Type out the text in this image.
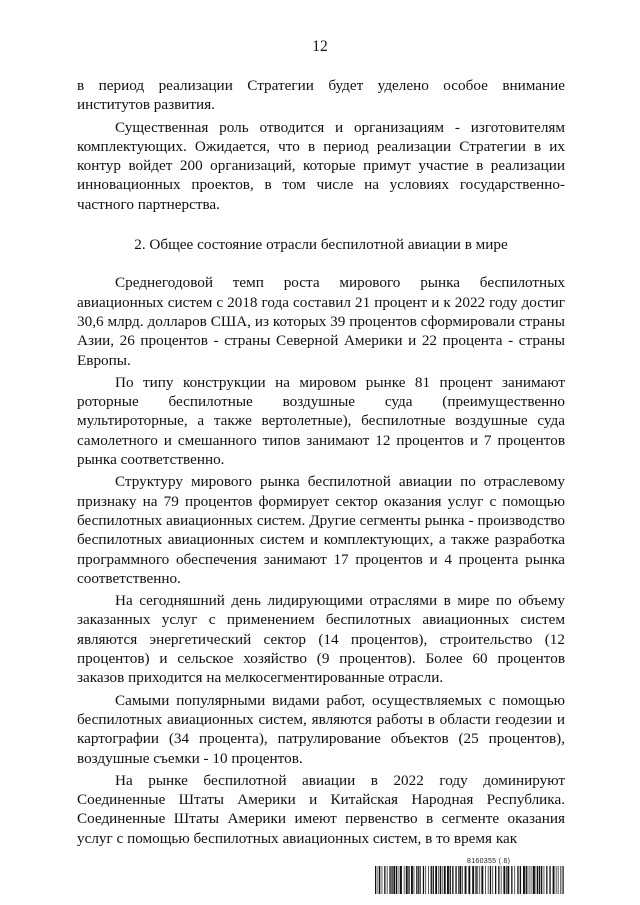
12

в период реализации Стратегии будет уделено особое внимание институтов развития.

Существенная роль отводится и организациям - изготовителям комплектующих. Ожидается, что в период реализации Стратегии в их контур войдет 200 организаций, которые примут участие в реализации инновационных проектов, в том числе на условиях государственно-частного партнерства.

2. Общее состояние отрасли беспилотной авиации в мире

Среднегодовой темп роста мирового рынка беспилотных авиационных систем с 2018 года составил 21 процент и к 2022 году достиг 30,6 млрд. долларов США, из которых 39 процентов сформировали страны Азии, 26 процентов - страны Северной Америки и 22 процента - страны Европы.

По типу конструкции на мировом рынке 81 процент занимают роторные беспилотные воздушные суда (преимущественно мультироторные, а также вертолетные), беспилотные воздушные суда самолетного и смешанного типов занимают 12 процентов и 7 процентов рынка соответственно.

Структуру мирового рынка беспилотной авиации по отраслевому признаку на 79 процентов формирует сектор оказания услуг с помощью беспилотных авиационных систем. Другие сегменты рынка - производство беспилотных авиационных систем и комплектующих, а также разработка программного обеспечения занимают 17 процентов и 4 процента рынка соответственно.

На сегодняшний день лидирующими отраслями в мире по объему заказанных услуг с применением беспилотных авиационных систем являются энергетический сектор (14 процентов), строительство (12 процентов) и сельское хозяйство (9 процентов). Более 60 процентов заказов приходится на мелкосегментированные отрасли.

Самыми популярными видами работ, осуществляемых с помощью беспилотных авиационных систем, являются работы в области геодезии и картографии (34 процента), патрулирование объектов (25 процентов), воздушные съемки - 10 процентов.

На рынке беспилотной авиации в 2022 году доминируют Соединенные Штаты Америки и Китайская Народная Республика. Соединенные Штаты Америки имеют первенство в сегменте оказания услуг с помощью беспилотных авиационных систем, в то время как

8160355 (.6)
